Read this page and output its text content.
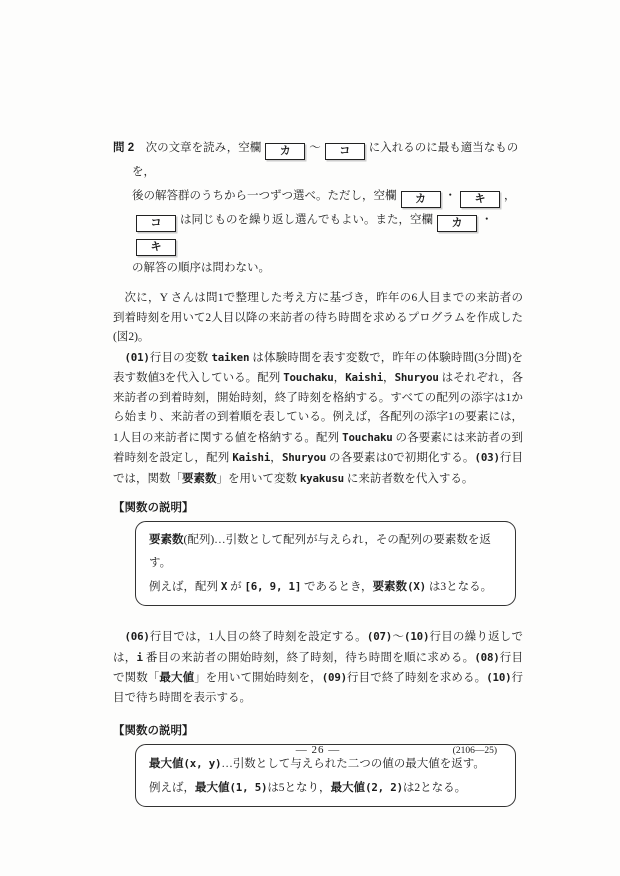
問 2　次の文章を読み，空欄 カ ～ コ に入れるのに最も適当なものを，
後の解答群のうちから一つずつ選べ。ただし，空欄 カ ・ キ ，
コ は同じものを繰り返し選んでもよい。また，空欄 カ ・キ
の解答の順序は問わない。

次に，Y さんは問1で整理した考え方に基づき，昨年の6人目までの来訪者の到着時刻を用いて2人目以降の来訪者の待ち時間を求めるプログラムを作成した(図2)。

(01)行目の変数 taiken は体験時間を表す変数で，昨年の体験時間(3分間)を表す数値3を代入している。配列 Touchaku，Kaishi，Shuryou はそれぞれ，各来訪者の到着時刻，開始時刻，終了時刻を格納する。すべての配列の添字は1から始まり、来訪者の到着順を表している。例えば，各配列の添字1の要素には，1人目の来訪者に関する値を格納する。配列 Touchaku の各要素には来訪者の到着時刻を設定し，配列 Kaishi，Shuryou の各要素は0で初期化する。(03)行目では，関数「要素数」を用いて変数 kyakusu に来訪者数を代入する。

【関数の説明】
要素数(配列)…引数として配列が与えられ，その配列の要素数を返す。
例えば，配列 X が [6, 9, 1] であるとき，要素数(X) は3となる。

(06)行目では，1人目の終了時刻を設定する。(07)～(10)行目の繰り返しでは，i 番目の来訪者の開始時刻，終了時刻，待ち時間を順に求める。(08)行目で関数「最大値」を用いて開始時刻を，(09)行目で終了時刻を求める。(10)行目で待ち時間を表示する。

【関数の説明】
最大値(x, y)…引数として与えられた二つの値の最大値を返す。
例えば，最大値(1, 5)は5となり，最大値(2, 2)は2となる。
— 26 —	(2106—25)
